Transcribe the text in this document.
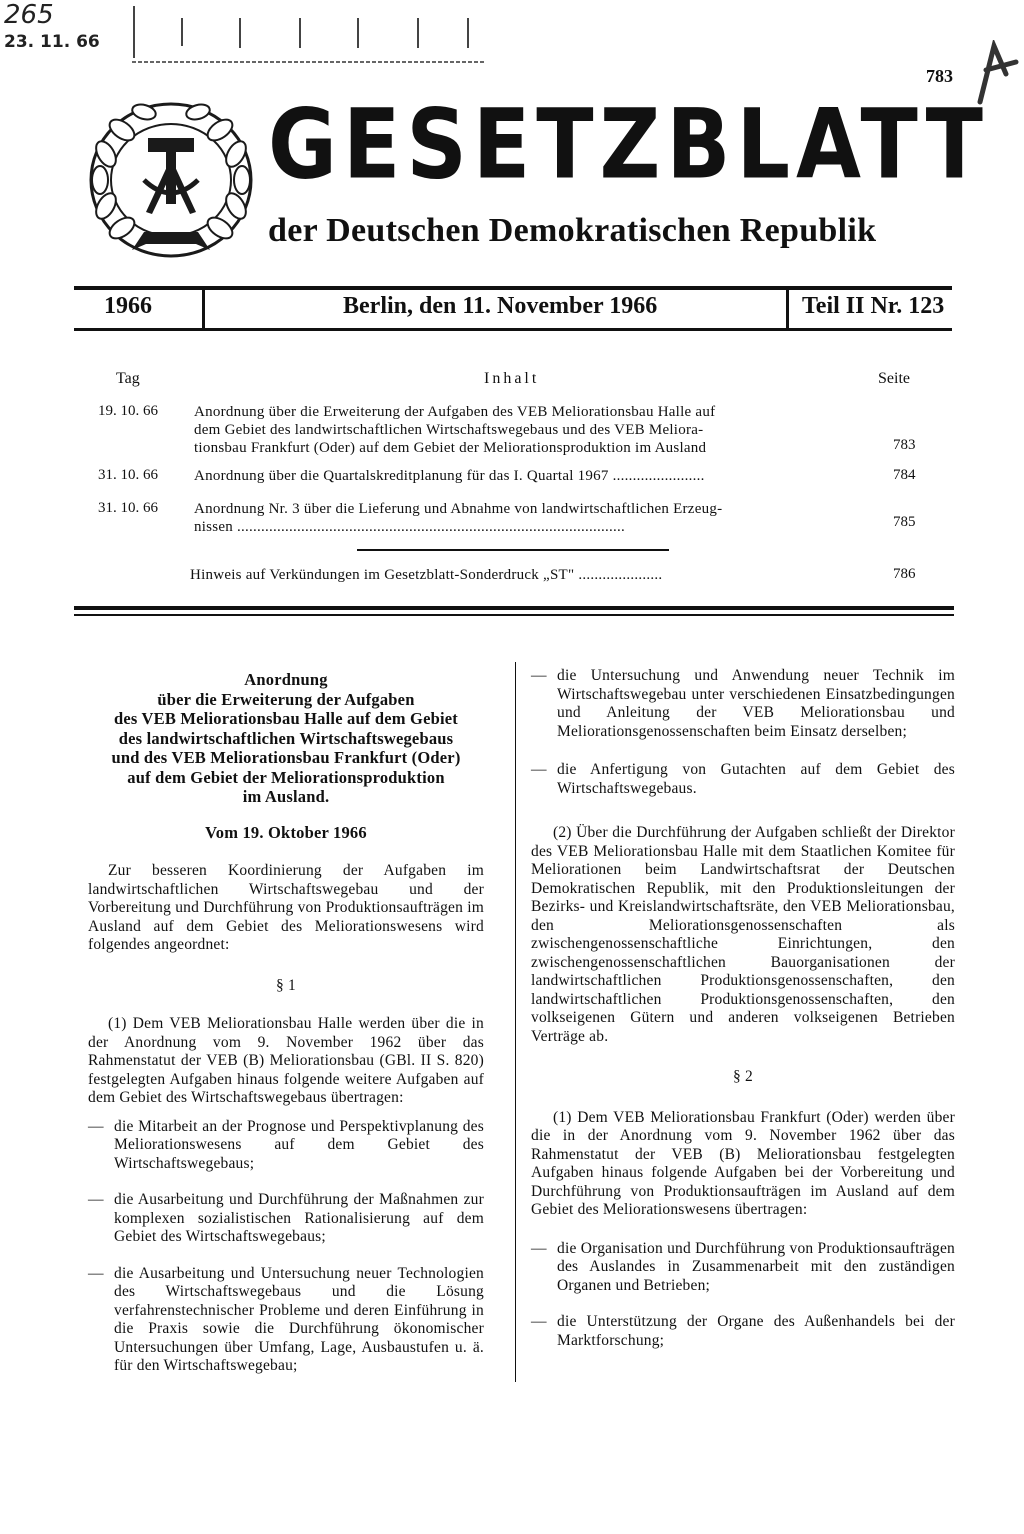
265
23. 11. 66
783
GESETZBLATT
der Deutschen Demokratischen Republik
1966	Berlin, den 11. November 1966	Teil II Nr. 123
Tag	Inhalt	Seite
19. 10. 66 Anordnung über die Erweiterung der Aufgaben des VEB Meliorationsbau Halle auf
dem Gebiet des landwirtschaftlichen Wirtschaftswegebaus und des VEB Meliora-
tionsbau Frankfurt (Oder) auf dem Gebiet der Meliorationsproduktion im Ausland	783
31. 10. 66 Anordnung über die Quartalskreditplanung für das I. Quartal 1967 .......................	784
31. 10. 66 Anordnung Nr. 3 über die Lieferung und Abnahme von landwirtschaftlichen Erzeug-
nissen .................................................................................................	785
Hinweis auf Verkündungen im Gesetzblatt-Sonderdruck „ST" .....................	786
Anordnung
über die Erweiterung der Aufgaben
des VEB Meliorationsbau Halle auf dem Gebiet
des landwirtschaftlichen Wirtschaftswegebaus
und des VEB Meliorationsbau Frankfurt (Oder)
auf dem Gebiet der Meliorationsproduktion
im Ausland.
Vom 19. Oktober 1966

Zur besseren Koordinierung der Aufgaben im landwirtschaftlichen Wirtschaftswegebau und der Vorbereitung und Durchführung von Produktionsaufträgen im Ausland auf dem Gebiet des Meliorationswesens wird folgendes angeordnet:

§ 1

(1) Dem VEB Meliorationsbau Halle werden über die in der Anordnung vom 9. November 1962 über das Rahmenstatut der VEB (B) Meliorationsbau (GBl. II S. 820) festgelegten Aufgaben hinaus folgende weitere Aufgaben auf dem Gebiet des Wirtschaftswegebaus übertragen:

— die Mitarbeit an der Prognose und Perspektivplanung des Meliorationswesens auf dem Gebiet des Wirtschaftswegebaus;

— die Ausarbeitung und Durchführung der Maßnahmen zur komplexen sozialistischen Rationalisierung auf dem Gebiet des Wirtschaftswegebaus;

— die Ausarbeitung und Untersuchung neuer Technologien des Wirtschaftswegebaus und die Lösung verfahrenstechnischer Probleme und deren Einführung in die Praxis sowie die Durchführung ökonomischer Untersuchungen über Umfang, Lage, Ausbaustufen u. ä. für den Wirtschaftswegebau;

— die Untersuchung und Anwendung neuer Technik im Wirtschaftswegebau unter verschiedenen Einsatzbedingungen und Anleitung der VEB Meliorationsbau und Meliorationsgenossenschaften beim Einsatz derselben;

— die Anfertigung von Gutachten auf dem Gebiet des Wirtschaftswegebaus.

(2) Über die Durchführung der Aufgaben schließt der Direktor des VEB Meliorationsbau Halle mit dem Staatlichen Komitee für Meliorationen beim Landwirtschaftsrat der Deutschen Demokratischen Republik, mit den Produktionsleitungen der Bezirks- und Kreislandwirtschaftsräte, den VEB Meliorationsbau, den Meliorationsgenossenschaften als zwischengenossenschaftliche Einrichtungen, den zwischengenossenschaftlichen Bauorganisationen der landwirtschaftlichen Produktionsgenossenschaften, den landwirtschaftlichen Produktionsgenossenschaften, den volkseigenen Gütern und anderen volkseigenen Betrieben Verträge ab.

§ 2

(1) Dem VEB Meliorationsbau Frankfurt (Oder) werden über die in der Anordnung vom 9. November 1962 über das Rahmenstatut der VEB (B) Meliorationsbau festgelegten Aufgaben hinaus folgende Aufgaben bei der Vorbereitung und Durchführung von Produktionsaufträgen im Ausland auf dem Gebiet des Meliorationswesens übertragen:

— die Organisation und Durchführung von Produktionsaufträgen des Auslandes in Zusammenarbeit mit den zuständigen Organen und Betrieben;

— die Unterstützung der Organe des Außenhandels bei der Marktforschung;
